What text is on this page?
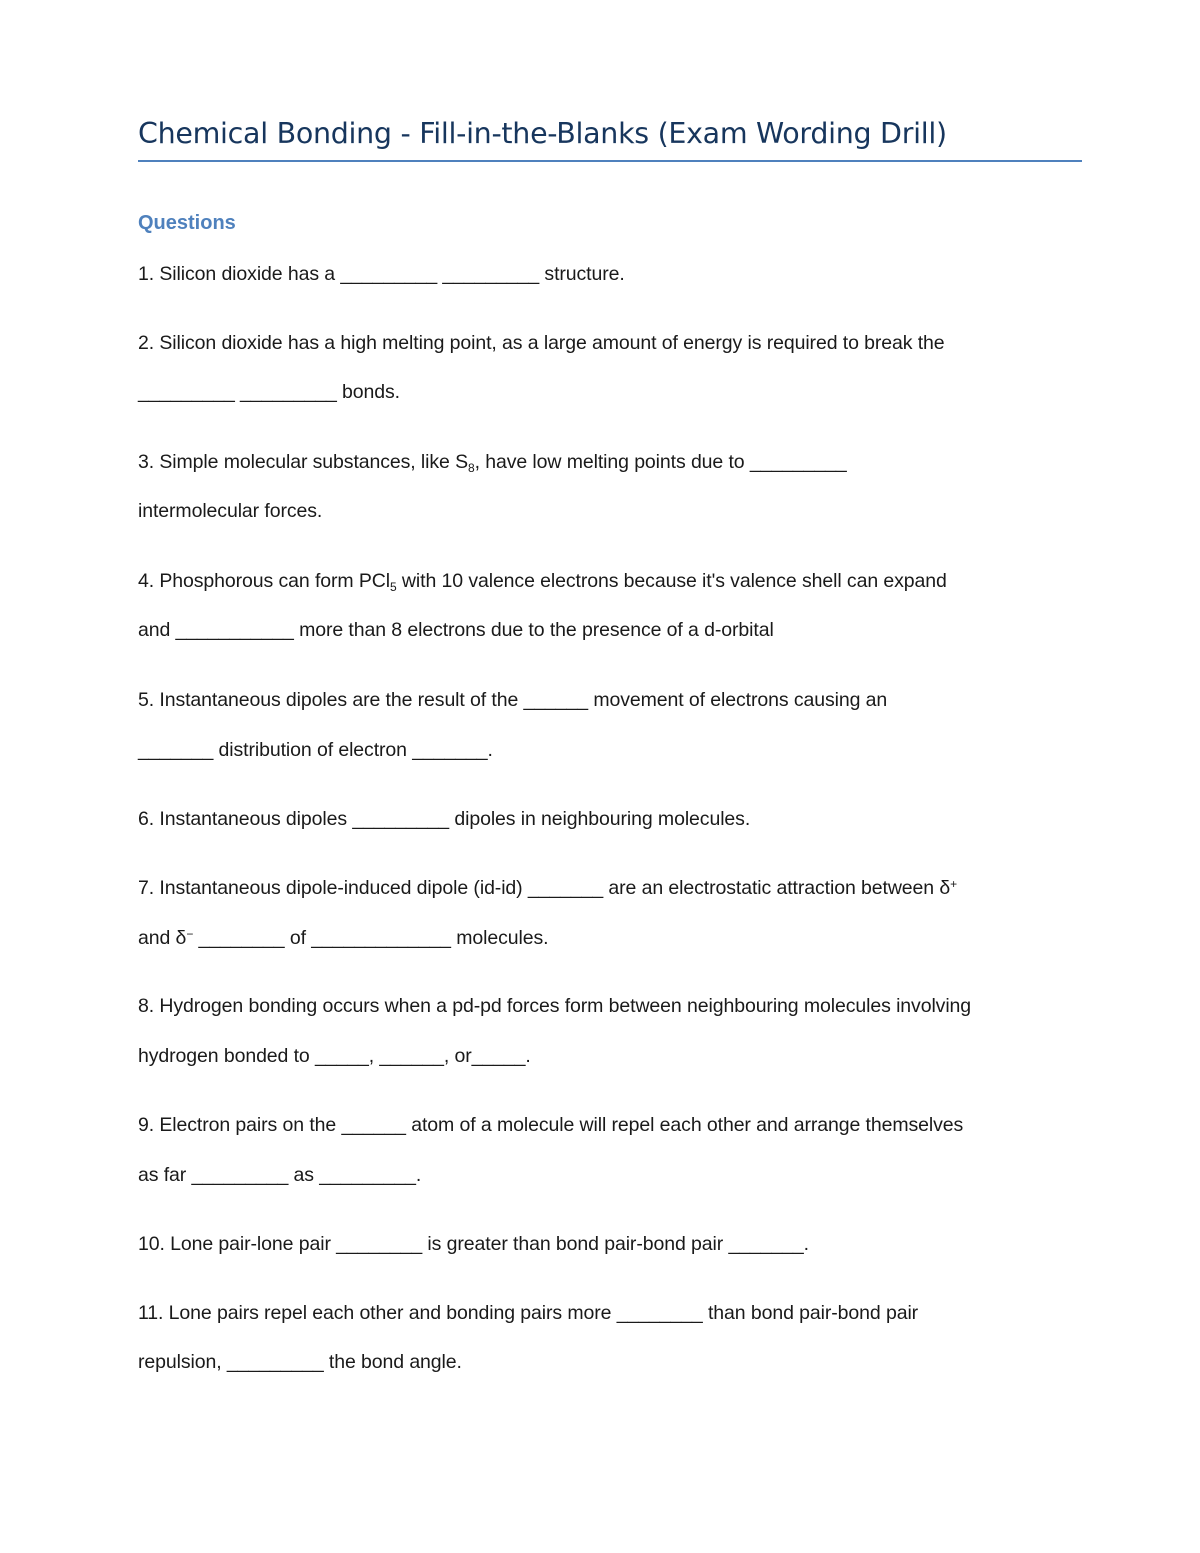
Chemical Bonding - Fill-in-the-Blanks (Exam Wording Drill)
Questions
1. Silicon dioxide has a _________ _________ structure.
2. Silicon dioxide has a high melting point, as a large amount of energy is required to break the
_________ _________ bonds.
3. Simple molecular substances, like $S_8$, have low melting points due to _________
intermolecular forces.
4. Phosphorous can form PCl$_5$ with 10 valence electrons because it's valence shell can expand
and ___________ more than 8 electrons due to the presence of a d-orbital
5. Instantaneous dipoles are the result of the ______ movement of electrons causing an
_______ distribution of electron _______.
6. Instantaneous dipoles _________ dipoles in neighbouring molecules.
7. Instantaneous dipole-induced dipole (id-id) _______ are an electrostatic attraction between δ+
and δ− ________ of _____________ molecules.
8. Hydrogen bonding occurs when a pd-pd forces form between neighbouring molecules involving
hydrogen bonded to _____, ______, or_____.
9. Electron pairs on the ______ atom of a molecule will repel each other and arrange themselves
as far _________ as _________.
10. Lone pair-lone pair ________ is greater than bond pair-bond pair _______.
11. Lone pairs repel each other and bonding pairs more ________ than bond pair-bond pair
repulsion, _________ the bond angle.
